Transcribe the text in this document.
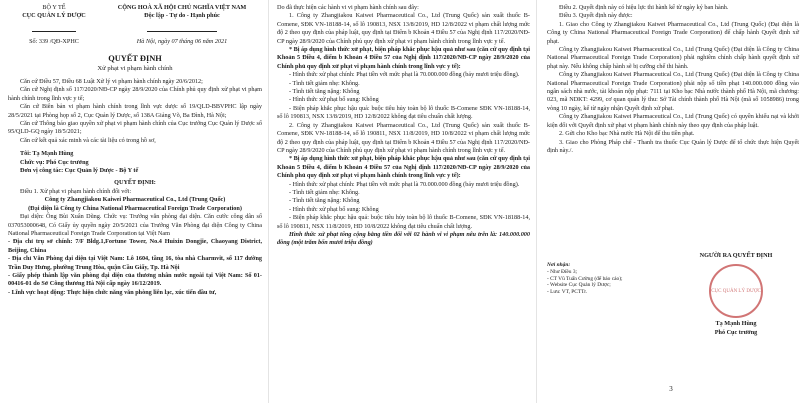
BỘ Y TẾ

CỤC QUẢN LÝ DƯỢC

Số: 339 /QĐ-XPHC

CỘNG HOÀ XÃ HỘI CHỦ NGHĨA VIỆT NAM

Độc lập - Tự do - Hạnh phúc

Hà Nội, ngày 07 tháng 06 năm 2021

QUYẾT ĐỊNH

Xử phạt vi phạm hành chính

Căn cứ Điều 57, Điều 68 Luật Xử lý vi phạm hành chính ngày 20/6/2012;

Căn cứ Nghị định số 117/2020/NĐ-CP ngày 28/9/2020 của Chính phủ quy định xử phạt vi phạm hành chính trong lĩnh vực y tế;

Căn cứ Biên bản vi phạm hành chính trong lĩnh vực dược số 19/QLD-BBVPHC lập ngày 28/5/2021 tại Phòng họp số 2, Cục Quản lý Dược, số 138A Giảng Võ, Ba Đình, Hà Nội;

Căn cứ Thông báo giao quyền xử phạt vi phạm hành chính của Cục trưởng Cục Quản lý Dược số 95/QLD-GQ ngày 18/5/2021;

Căn cứ kết quả xác minh và các tài liệu có trong hồ sơ,

Tôi: Tạ Mạnh Hùng

Chức vụ: Phó Cục trưởng

Đơn vị công tác: Cục Quản lý Dược - Bộ Y tế

QUYẾT ĐỊNH:

Điều 1. Xử phạt vi phạm hành chính đối với:

Công ty Zhangjiakou Kaiwei Pharmaceutical Co., Ltd (Trung Quốc)

(Đại diện là Công ty China National Pharmaceutical Foreign Trade Corporation)

Đại diện: Ông Bùi Xuân Dũng. Chức vụ: Trưởng văn phòng đại diện. Căn cước công dân số 037053000648, Có Giấy ủy quyền ngày 20/5/2021 của Trưởng Văn Phòng đại diện Công ty China National Pharmaceutical Foreign Trade Corporation tại Việt Nam

- Địa chỉ trụ sở chính: 7/F Bldg.1,Fortune Tower, No.4 Huixin Dongjie, Chaoyang District, Beijing, China

- Địa chỉ Văn Phòng đại diện tại Việt Nam: Lô 1604, tầng 16, tòa nhà Charmvit, số 117 đường Trần Duy Hưng, phường Trung Hòa, quận Cầu Giấy, Tp. Hà Nội

- Giấy phép thành lập văn phòng đại diện của thương nhân nước ngoài tại Việt Nam: Số 01-00416-01 do Sở Công thương Hà Nội cấp ngày 16/12/2019.

- Lĩnh vực hoạt động: Thực hiện chức năng văn phòng liên lạc, xúc tiến đầu tư,

Do đã thực hiện các hành vi vi phạm hành chính sau đây:

1. Công ty Zhangjiakou Kaiwei Pharmaceutical Co., Ltd (Trung Quốc) sản xuất thuốc B-Comene, SĐK VN-18188-14, số lô 190813, NSX 13/8/2019, HD 12/8/2022 vi phạm chất lượng mức độ 2 theo quy định của pháp luật, quy định tại Điểm b Khoản 4 Điều 57 của Nghị định 117/2020/NĐ-CP ngày 28/9/2020 của Chính phủ quy định xử phạt vi phạm hành chính trong lĩnh vực y tế.

* Bị áp dụng hình thức xử phạt, biện pháp khắc phục hậu quả như sau (căn cứ quy định tại Khoản 5 Điều 4, điểm b Khoản 4 Điều 57 của Nghị định 117/2020/NĐ-CP ngày 28/9/2020 của Chính phủ quy định xử phạt vi phạm hành chính trong lĩnh vực y tế):

- Hình thức xử phạt chính: Phạt tiền với mức phạt là 70.000.000 đồng (bảy mươi triệu đồng).

- Tình tiết giảm nhẹ: Không.

- Tình tiết tăng nặng: Không

- Hình thức xử phạt bổ sung: Không

- Biện pháp khắc phục hậu quả: buộc tiêu hủy toàn bộ lô thuốc B-Comene SĐK VN-18188-14, số lô 190813, NSX 13/8/2019, HD 12/8/2022 không đạt tiêu chuẩn chất lượng.

2. Công ty Zhangjiakou Kaiwei Pharmaceutical Co., Ltd (Trung Quốc) sản xuất thuốc B-Comene, SĐK VN-18188-14, số lô 190811, NSX 11/8/2019, HD 10/8/2022 vi phạm chất lượng mức độ 2 theo quy định của pháp luật, quy định tại Điểm b Khoản 4 Điều 57 của Nghị định 117/2020/NĐ-CP ngày 28/9/2020 của Chính phủ quy định xử phạt vi phạm hành chính trong lĩnh vực y tế.

* Bị áp dụng hình thức xử phạt, biện pháp khắc phục hậu quả như sau (căn cứ quy định tại Khoản 5 Điều 4, điểm b Khoản 4 Điều 57 của Nghị định 117/2020/NĐ-CP ngày 28/9/2020 của Chính phủ quy định xử phạt vi phạm hành chính trong lĩnh vực y tế):

- Hình thức xử phạt chính: Phạt tiền với mức phạt là 70.000.000 đồng (bảy mươi triệu đồng).

- Tình tiết giảm nhẹ: Không.

- Tình tiết tăng nặng: Không

- Hình thức xử phạt bổ sung: Không

- Biện pháp khắc phục hậu quả: buộc tiêu hủy toàn bộ lô thuốc B-Comene, SĐK VN-18188-14, số lô 190811, NSX 11/8/2019, HD 10/8/2022 không đạt tiêu chuẩn chất lượng.

Hình thức xử phạt tổng cộng bằng tiền đối với 02 hành vi vi phạm nêu trên là: 140.000.000 đồng (một trăm bốn mươi triệu đồng)

Điều 2. Quyết định này có hiệu lực thi hành kể từ ngày ký ban hành.

Điều 3. Quyết định này được:

1. Giao cho Công ty Zhangjiakou Kaiwei Pharmaceutical Co., Ltd (Trung Quốc) (Đại diện là Công ty China National Pharmaceutical Foreign Trade Corporation) để chấp hành Quyết định xử phạt.

Công ty Zhangjiakou Kaiwei Pharmaceutical Co., Ltd (Trung Quốc) (Đại diện là Công ty China National Pharmaceutical Foreign Trade Corporation) phải nghiêm chỉnh chấp hành quyết định xử phạt này. Nếu không chấp hành sẽ bị cưỡng chế thi hành.

Công ty Zhangjiakou Kaiwei Pharmaceutical Co., Ltd (Trung Quốc) (Đại diện là Công ty China National Pharmaceutical Foreign Trade Corporation) phải nộp số tiền phạt 140.000.000 đồng vào ngân sách nhà nước, tài khoản nộp phạt: 7111 tại Kho bạc Nhà nước thành phố Hà Nội, mã chương: 023, mã NDKT: 4299, cơ quan quản lý thu: Sở Tài chính thành phố Hà Nội (mã số 1058986) trong vòng 10 ngày, kể từ ngày nhận Quyết định xử phạt.

Công ty Zhangjiakou Kaiwei Pharmaceutical Co., Ltd (Trung Quốc) có quyền khiếu nại và khởi kiện đối với Quyết định xử phạt vi phạm hành chính này theo quy định của pháp luật.

2. Gửi cho Kho bạc Nhà nước Hà Nội để thu tiền phạt.

3. Giao cho Phòng Pháp chế - Thanh tra thuốc Cục Quản lý Dược để tổ chức thực hiện Quyết định này./.

Nơi nhận:

- Như Điều 3;

- CT Vũ Tuấn Cường (để báo cáo);

- Website Cục Quản lý Dược;

- Lưu: VT, PCTTr.

NGƯỜI RA QUYẾT ĐỊNH

CỤC QUẢN LÝ DƯỢC

Tạ Mạnh Hùng

Phó Cục trưởng

3
